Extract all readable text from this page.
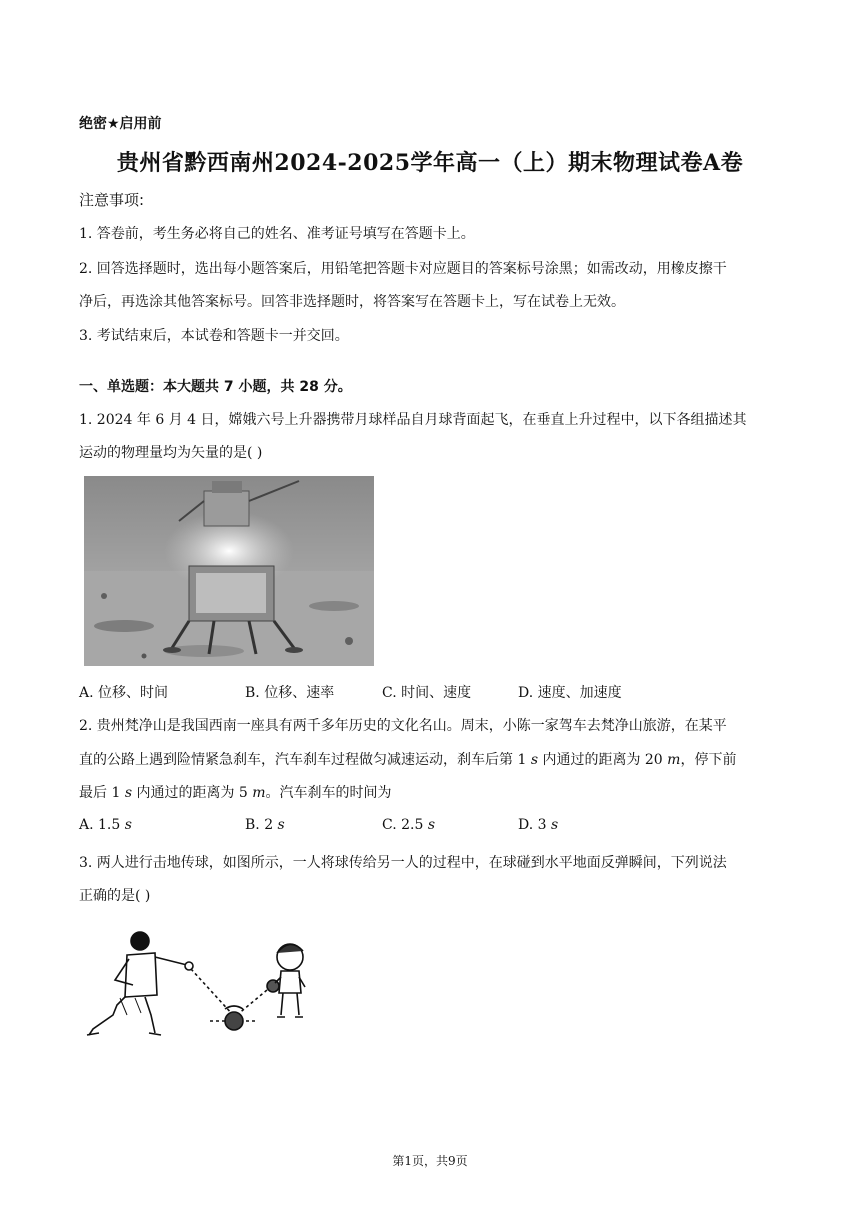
绝密★启用前
贵州省黔西南州2024-2025学年高一（上）期末物理试卷A卷
注意事项:
1. 答卷前，考生务必将自己的姓名、准考证号填写在答题卡上。
2. 回答选择题时，选出每小题答案后，用铅笔把答题卡对应题目的答案标号涂黑；如需改动，用橡皮擦干
净后，再选涂其他答案标号。回答非选择题时，将答案写在答题卡上，写在试卷上无效。
3. 考试结束后，本试卷和答题卡一并交回。
一、单选题：本大题共 7 小题，共 28 分。
1. 2024 年 6 月 4 日，嫦娥六号上升器携带月球样品自月球背面起飞，在垂直上升过程中，以下各组描述其
运动的物理量均为矢量的是( )
A. 位移、时间	B. 位移、速率	C. 时间、速度	D. 速度、加速度
2. 贵州梵净山是我国西南一座具有两千多年历史的文化名山。周末，小陈一家驾车去梵净山旅游，在某平
直的公路上遇到险情紧急刹车，汽车刹车过程做匀减速运动，刹车后第 1 s 内通过的距离为 20 m，停下前
最后 1 s 内通过的距离为 5 m。汽车刹车的时间为
A. 1.5 s	B. 2 s	C. 2.5 s	D. 3 s
3. 两人进行击地传球，如图所示，一人将球传给另一人的过程中，在球碰到水平地面反弹瞬间，下列说法
正确的是( )
第1页，共9页
